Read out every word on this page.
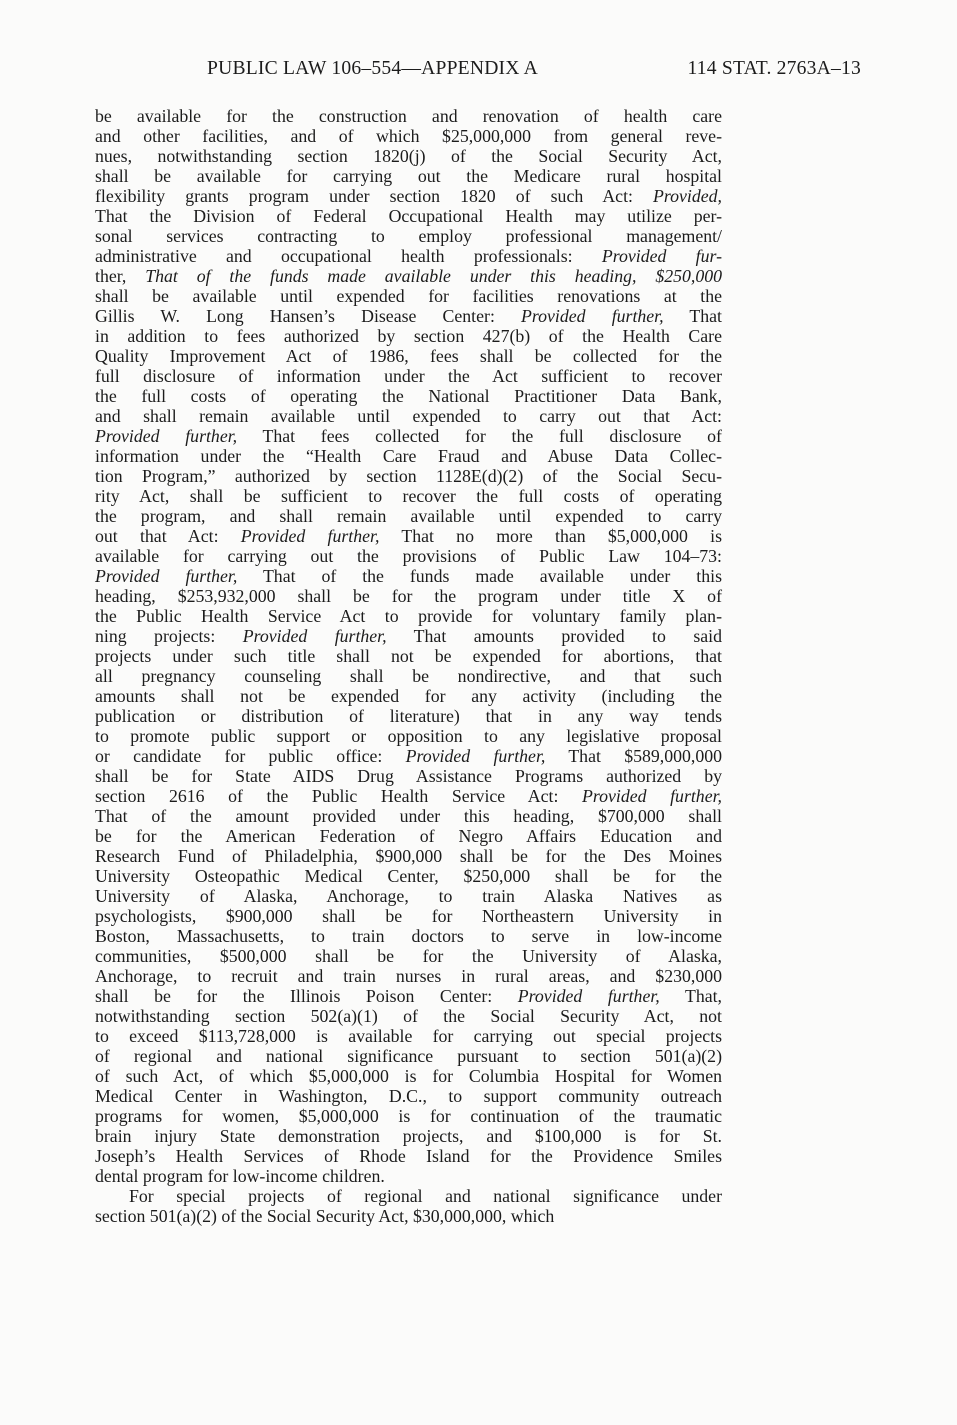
PUBLIC LAW 106–554—APPENDIX A	114 STAT. 2763A–13
be available for the construction and renovation of health care
and other facilities, and of which $25,000,000 from general reve-
nues, notwithstanding section 1820(j) of the Social Security Act,
shall be available for carrying out the Medicare rural hospital
flexibility grants program under section 1820 of such Act: Provided,
That the Division of Federal Occupational Health may utilize per-
sonal services contracting to employ professional management/
administrative and occupational health professionals: Provided fur-
ther, That of the funds made available under this heading, $250,000
shall be available until expended for facilities renovations at the
Gillis W. Long Hansen’s Disease Center: Provided further, That
in addition to fees authorized by section 427(b) of the Health Care
Quality Improvement Act of 1986, fees shall be collected for the
full disclosure of information under the Act sufficient to recover
the full costs of operating the National Practitioner Data Bank,
and shall remain available until expended to carry out that Act:
Provided further, That fees collected for the full disclosure of
information under the “Health Care Fraud and Abuse Data Collec-
tion Program,” authorized by section 1128E(d)(2) of the Social Secu-
rity Act, shall be sufficient to recover the full costs of operating
the program, and shall remain available until expended to carry
out that Act: Provided further, That no more than $5,000,000 is
available for carrying out the provisions of Public Law 104–73:
Provided further, That of the funds made available under this
heading, $253,932,000 shall be for the program under title X of
the Public Health Service Act to provide for voluntary family plan-
ning projects: Provided further, That amounts provided to said
projects under such title shall not be expended for abortions, that
all pregnancy counseling shall be nondirective, and that such
amounts shall not be expended for any activity (including the
publication or distribution of literature) that in any way tends
to promote public support or opposition to any legislative proposal
or candidate for public office: Provided further, That $589,000,000
shall be for State AIDS Drug Assistance Programs authorized by
section 2616 of the Public Health Service Act: Provided further,
That of the amount provided under this heading, $700,000 shall
be for the American Federation of Negro Affairs Education and
Research Fund of Philadelphia, $900,000 shall be for the Des Moines
University Osteopathic Medical Center, $250,000 shall be for the
University of Alaska, Anchorage, to train Alaska Natives as
psychologists, $900,000 shall be for Northeastern University in
Boston, Massachusetts, to train doctors to serve in low-income
communities, $500,000 shall be for the University of Alaska,
Anchorage, to recruit and train nurses in rural areas, and $230,000
shall be for the Illinois Poison Center: Provided further, That,
notwithstanding section 502(a)(1) of the Social Security Act, not
to exceed $113,728,000 is available for carrying out special projects
of regional and national significance pursuant to section 501(a)(2)
of such Act, of which $5,000,000 is for Columbia Hospital for Women
Medical Center in Washington, D.C., to support community outreach
programs for women, $5,000,000 is for continuation of the traumatic
brain injury State demonstration projects, and $100,000 is for St.
Joseph’s Health Services of Rhode Island for the Providence Smiles
dental program for low-income children.
For special projects of regional and national significance under
section 501(a)(2) of the Social Security Act, $30,000,000, which
